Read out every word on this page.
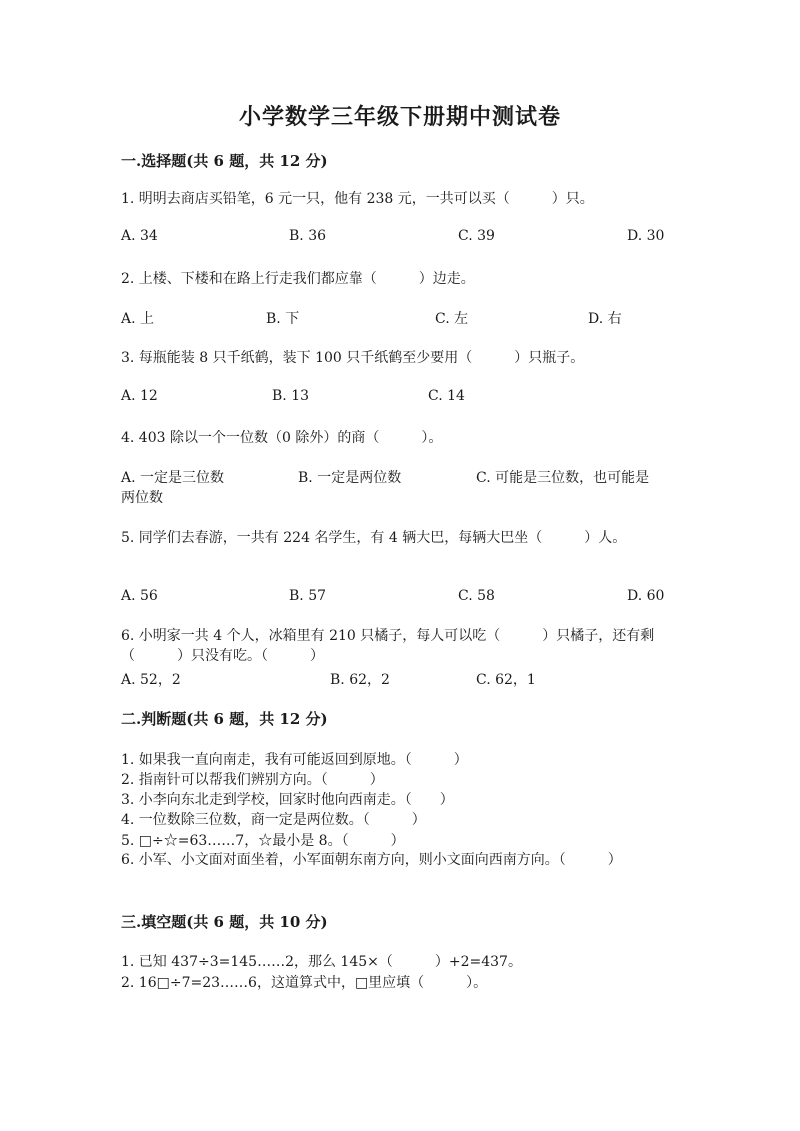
小学数学三年级下册期中测试卷
一.选择题(共 6 题，共 12 分)
1. 明明去商店买铅笔，6 元一只，他有 238 元，一共可以买（　　　）只。
A. 34	B. 36	C. 39	D. 30
2. 上楼、下楼和在路上行走我们都应靠（　　　）边走。
A. 上	B. 下	C. 左	D. 右
3. 每瓶能装 8 只千纸鹤，装下 100 只千纸鹤至少要用（　　　）只瓶子。
A. 12	B. 13	C. 14
4. 403 除以一个一位数（0 除外）的商（　　　）。
A. 一定是三位数	B. 一定是两位数	C. 可能是三位数，也可能是
两位数
5. 同学们去春游，一共有 224 名学生，有 4 辆大巴，每辆大巴坐（　　　）人。
A. 56	B. 57	C. 58	D. 60
6. 小明家一共 4 个人，冰箱里有 210 只橘子，每人可以吃（　　　）只橘子，还有剩（　　　）只没有吃。（　　　）
A. 52，2	B. 62，2	C. 62，1
二.判断题(共 6 题，共 12 分)
1. 如果我一直向南走，我有可能返回到原地。（　　　）
2. 指南针可以帮我们辨别方向。（　　　）
3. 小李向东北走到学校，回家时他向西南走。（　　）
4. 一位数除三位数，商一定是两位数。（　　　）
5. □÷☆=63……7，☆最小是 8。（　　　）
6. 小军、小文面对面坐着，小军面朝东南方向，则小文面向西南方向。（　　　）
三.填空题(共 6 题，共 10 分)
1. 已知 437÷3=145……2，那么 145×（　　　）+2=437。
2. 16□÷7=23……6，这道算式中，□里应填（　　　）。
